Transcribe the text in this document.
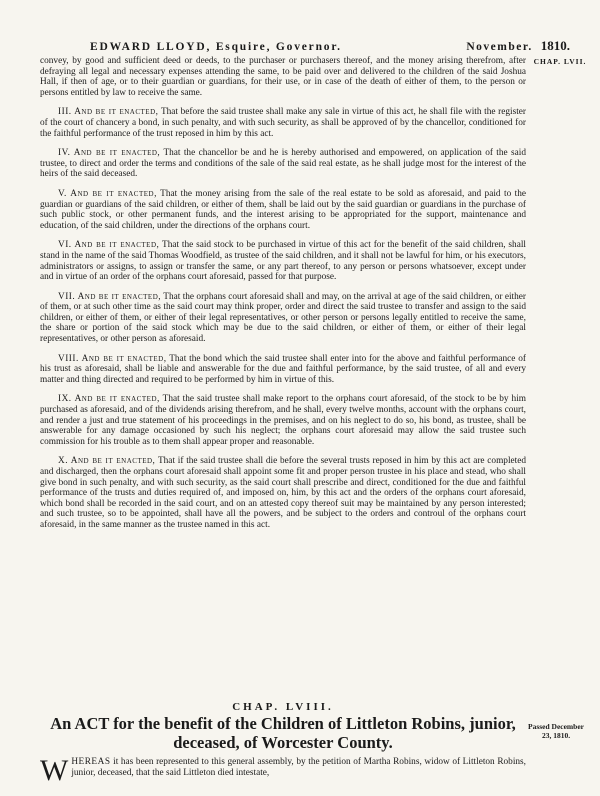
EDWARD LLOYD, Esquire, Governor.	November. 1810.
CHAP. LVII.

convey, by good and sufficient deed or deeds, to the purchaser or purchasers thereof, and the money arising therefrom, after defraying all legal and necessary expenses attending the same, to be paid over and delivered to the children of the said Joshua Hall, if then of age, or to their guardian or guardians, for their use, or in case of the death of either of them, to the person or persons entitled by law to receive the same.

III. And be it enacted, That before the said trustee shall make any sale in virtue of this act, he shall file with the register of the court of chancery a bond, in such penalty, and with such security, as shall be approved of by the chancellor, conditioned for the faithful performance of the trust reposed in him by this act.

IV. And be it enacted, That the chancellor be and he is hereby authorised and empowered, on application of the said trustee, to direct and order the terms and conditions of the sale of the said real estate, as he shall judge most for the interest of the heirs of the said deceased.

V. And be it enacted, That the money arising from the sale of the real estate to be sold as aforesaid, and paid to the guardian or guardians of the said children, or either of them, shall be laid out by the said guardian or guardians in the purchase of such public stock, or other permanent funds, and the interest arising to be appropriated for the support, maintenance and education, of the said children, under the directions of the orphans court.

VI. And be it enacted, That the said stock to be purchased in virtue of this act for the benefit of the said children, shall stand in the name of the said Thomas Woodfield, as trustee of the said children, and it shall not be lawful for him, or his executors, administrators or assigns, to assign or transfer the same, or any part thereof, to any person or persons whatsoever, except under and in virtue of an order of the orphans court aforesaid, passed for that purpose.

VII. And be it enacted, That the orphans court aforesaid shall and may, on the arrival at age of the said children, or either of them, or at such other time as the said court may think proper, order and direct the said trustee to transfer and assign to the said children, or either of them, or either of their legal representatives, or other person or persons legally entitled to receive the same, the share or portion of the said stock which may be due to the said children, or either of them, or either of their legal representatives, or other person as aforesaid.

VIII. And be it enacted, That the bond which the said trustee shall enter into for the above and faithful performance of his trust as aforesaid, shall be liable and answerable for the due and faithful performance, by the said trustee, of all and every matter and thing directed and required to be performed by him in virtue of this.

IX. And be it enacted, That the said trustee shall make report to the orphans court aforesaid, of the stock to be by him purchased as aforesaid, and of the dividends arising therefrom, and he shall, every twelve months, account with the orphans court, and render a just and true statement of his proceedings in the premises, and on his neglect to do so, his bond, as trustee, shall be answerable for any damage occasioned by such his neglect; the orphans court aforesaid may allow the said trustee such commission for his trouble as to them shall appear proper and reasonable.

X. And be it enacted, That if the said trustee shall die before the several trusts reposed in him by this act are completed and discharged, then the orphans court aforesaid shall appoint some fit and proper person trustee in his place and stead, who shall give bond in such penalty, and with such security, as the said court shall prescribe and direct, conditioned for the due and faithful performance of the trusts and duties required of, and imposed on, him, by this act and the orders of the orphans court aforesaid, which bond shall be recorded in the said court, and on an attested copy thereof suit may be maintained by any person interested; and such trustee, so to be appointed, shall have all the powers, and be subject to the orders and controul of the orphans court aforesaid, in the same manner as the trustee named in this act.

CHAP. LVIII.
An ACT for the benefit of the Children of Littleton Robins, junior,
deceased, of Worcester County.
Passed December 23, 1810.
WHEREAS it has been represented to this general assembly, by the petition of Martha Robins, widow of Littleton Robins, junior, deceased, that the said Littleton died intestate,
